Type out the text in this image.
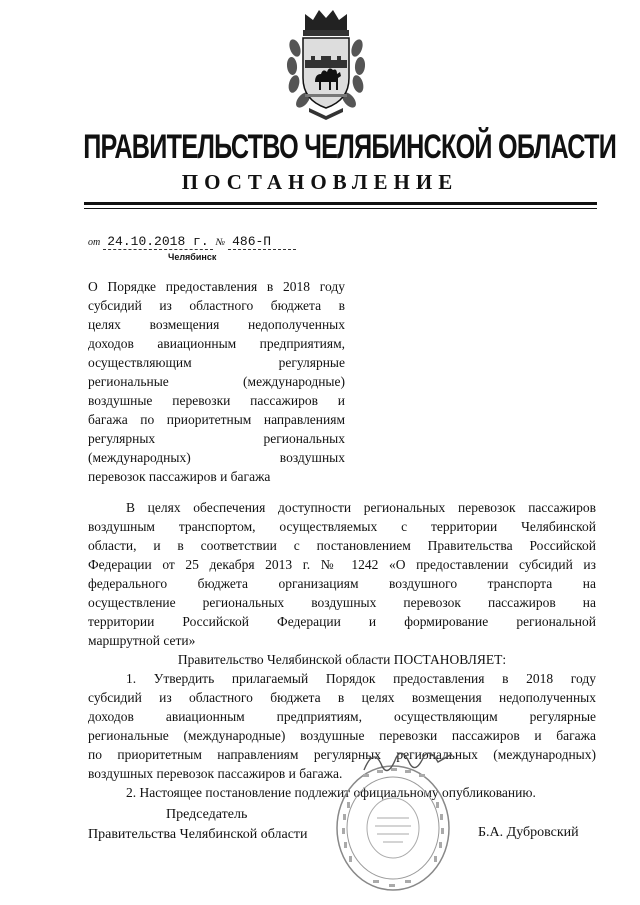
ПРАВИТЕЛЬСТВО ЧЕЛЯБИНСКОЙ ОБЛАСТИ
ПОСТАНОВЛЕНИЕ
от 24.10.2018 г. № 486-П
Челябинск
О Порядке предоставления в 2018 году
субсидий из областного бюджета в
целях возмещения недополученных
доходов авиационным предприятиям,
осуществляющим регулярные
региональные (международные)
воздушные перевозки пассажиров и
багажа по приоритетным направлениям
регулярных региональных
(международных) воздушных
перевозок пассажиров и багажа
В целях обеспечения доступности региональных перевозок пассажиров
воздушным транспортом, осуществляемых с территории Челябинской
области, и в соответствии с постановлением Правительства Российской
Федерации от 25 декабря 2013 г. № 1242 «О предоставлении субсидий из
федерального бюджета организациям воздушного транспорта на
осуществление региональных воздушных перевозок пассажиров на
территории Российской Федерации и формирование региональной
маршрутной сети»
Правительство Челябинской области ПОСТАНОВЛЯЕТ:
1. Утвердить прилагаемый Порядок предоставления в 2018 году
субсидий из областного бюджета в целях возмещения недополученных
доходов авиационным предприятиям, осуществляющим регулярные
региональные (международные) воздушные перевозки пассажиров и багажа
по приоритетным направлениям регулярных региональных (международных)
воздушных перевозок пассажиров и багажа.
2. Настоящее постановление подлежит официальному опубликованию.
Председатель
Правительства Челябинской области	Б.А. Дубровский
